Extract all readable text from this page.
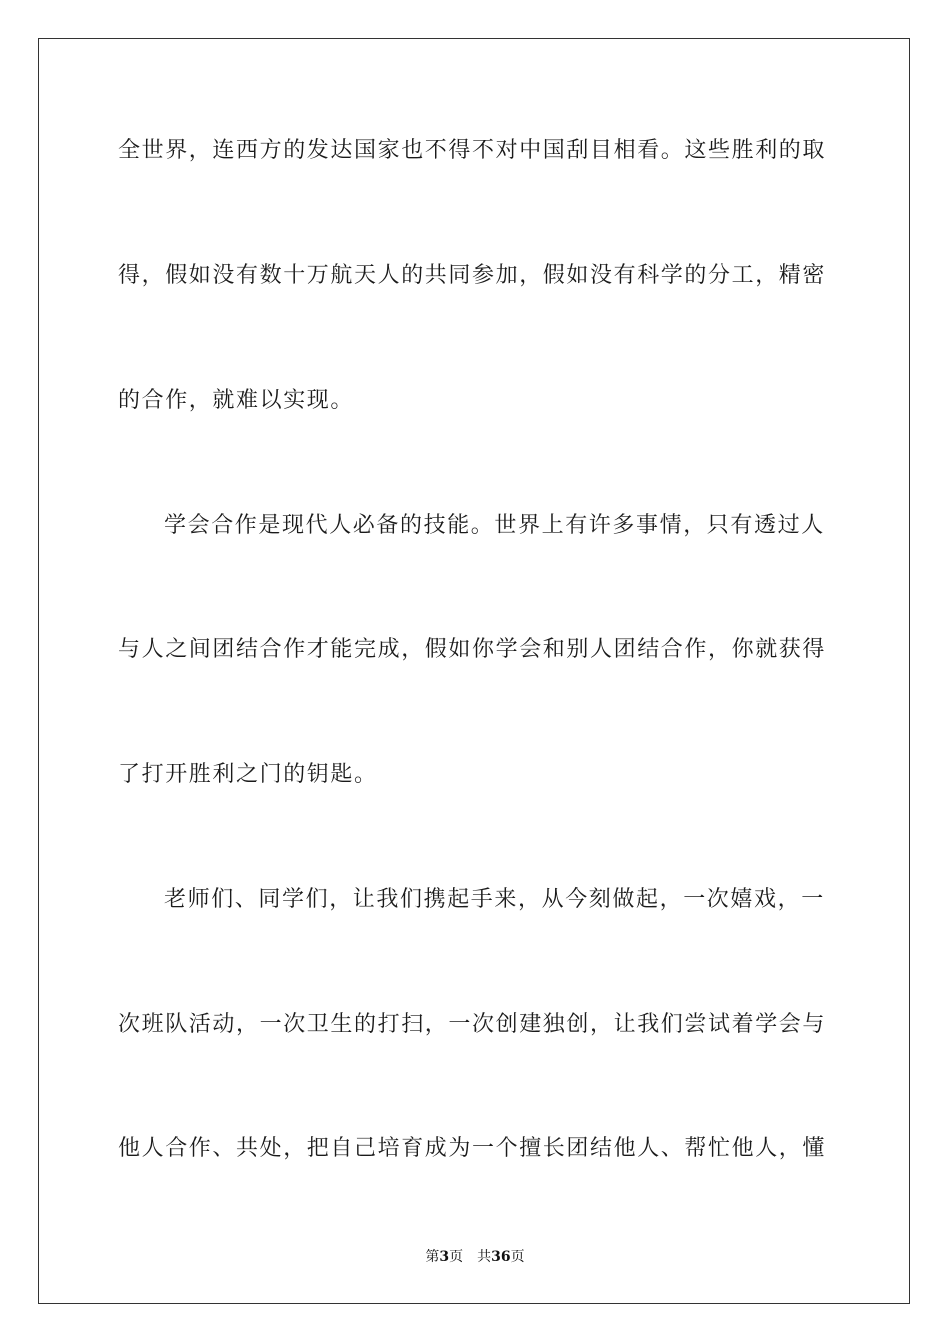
全世界，连西方的发达国家也不得不对中国刮目相看。这些胜利的取
得，假如没有数十万航天人的共同参加，假如没有科学的分工，精密
的合作，就难以实现。
学会合作是现代人必备的技能。世界上有许多事情，只有透过人
与人之间团结合作才能完成，假如你学会和别人团结合作，你就获得
了打开胜利之门的钥匙。
老师们、同学们，让我们携起手来，从今刻做起，一次嬉戏，一
次班队活动，一次卫生的打扫，一次创建独创，让我们尝试着学会与
他人合作、共处，把自己培育成为一个擅长团结他人、帮忙他人，懂
第3页 共36页
